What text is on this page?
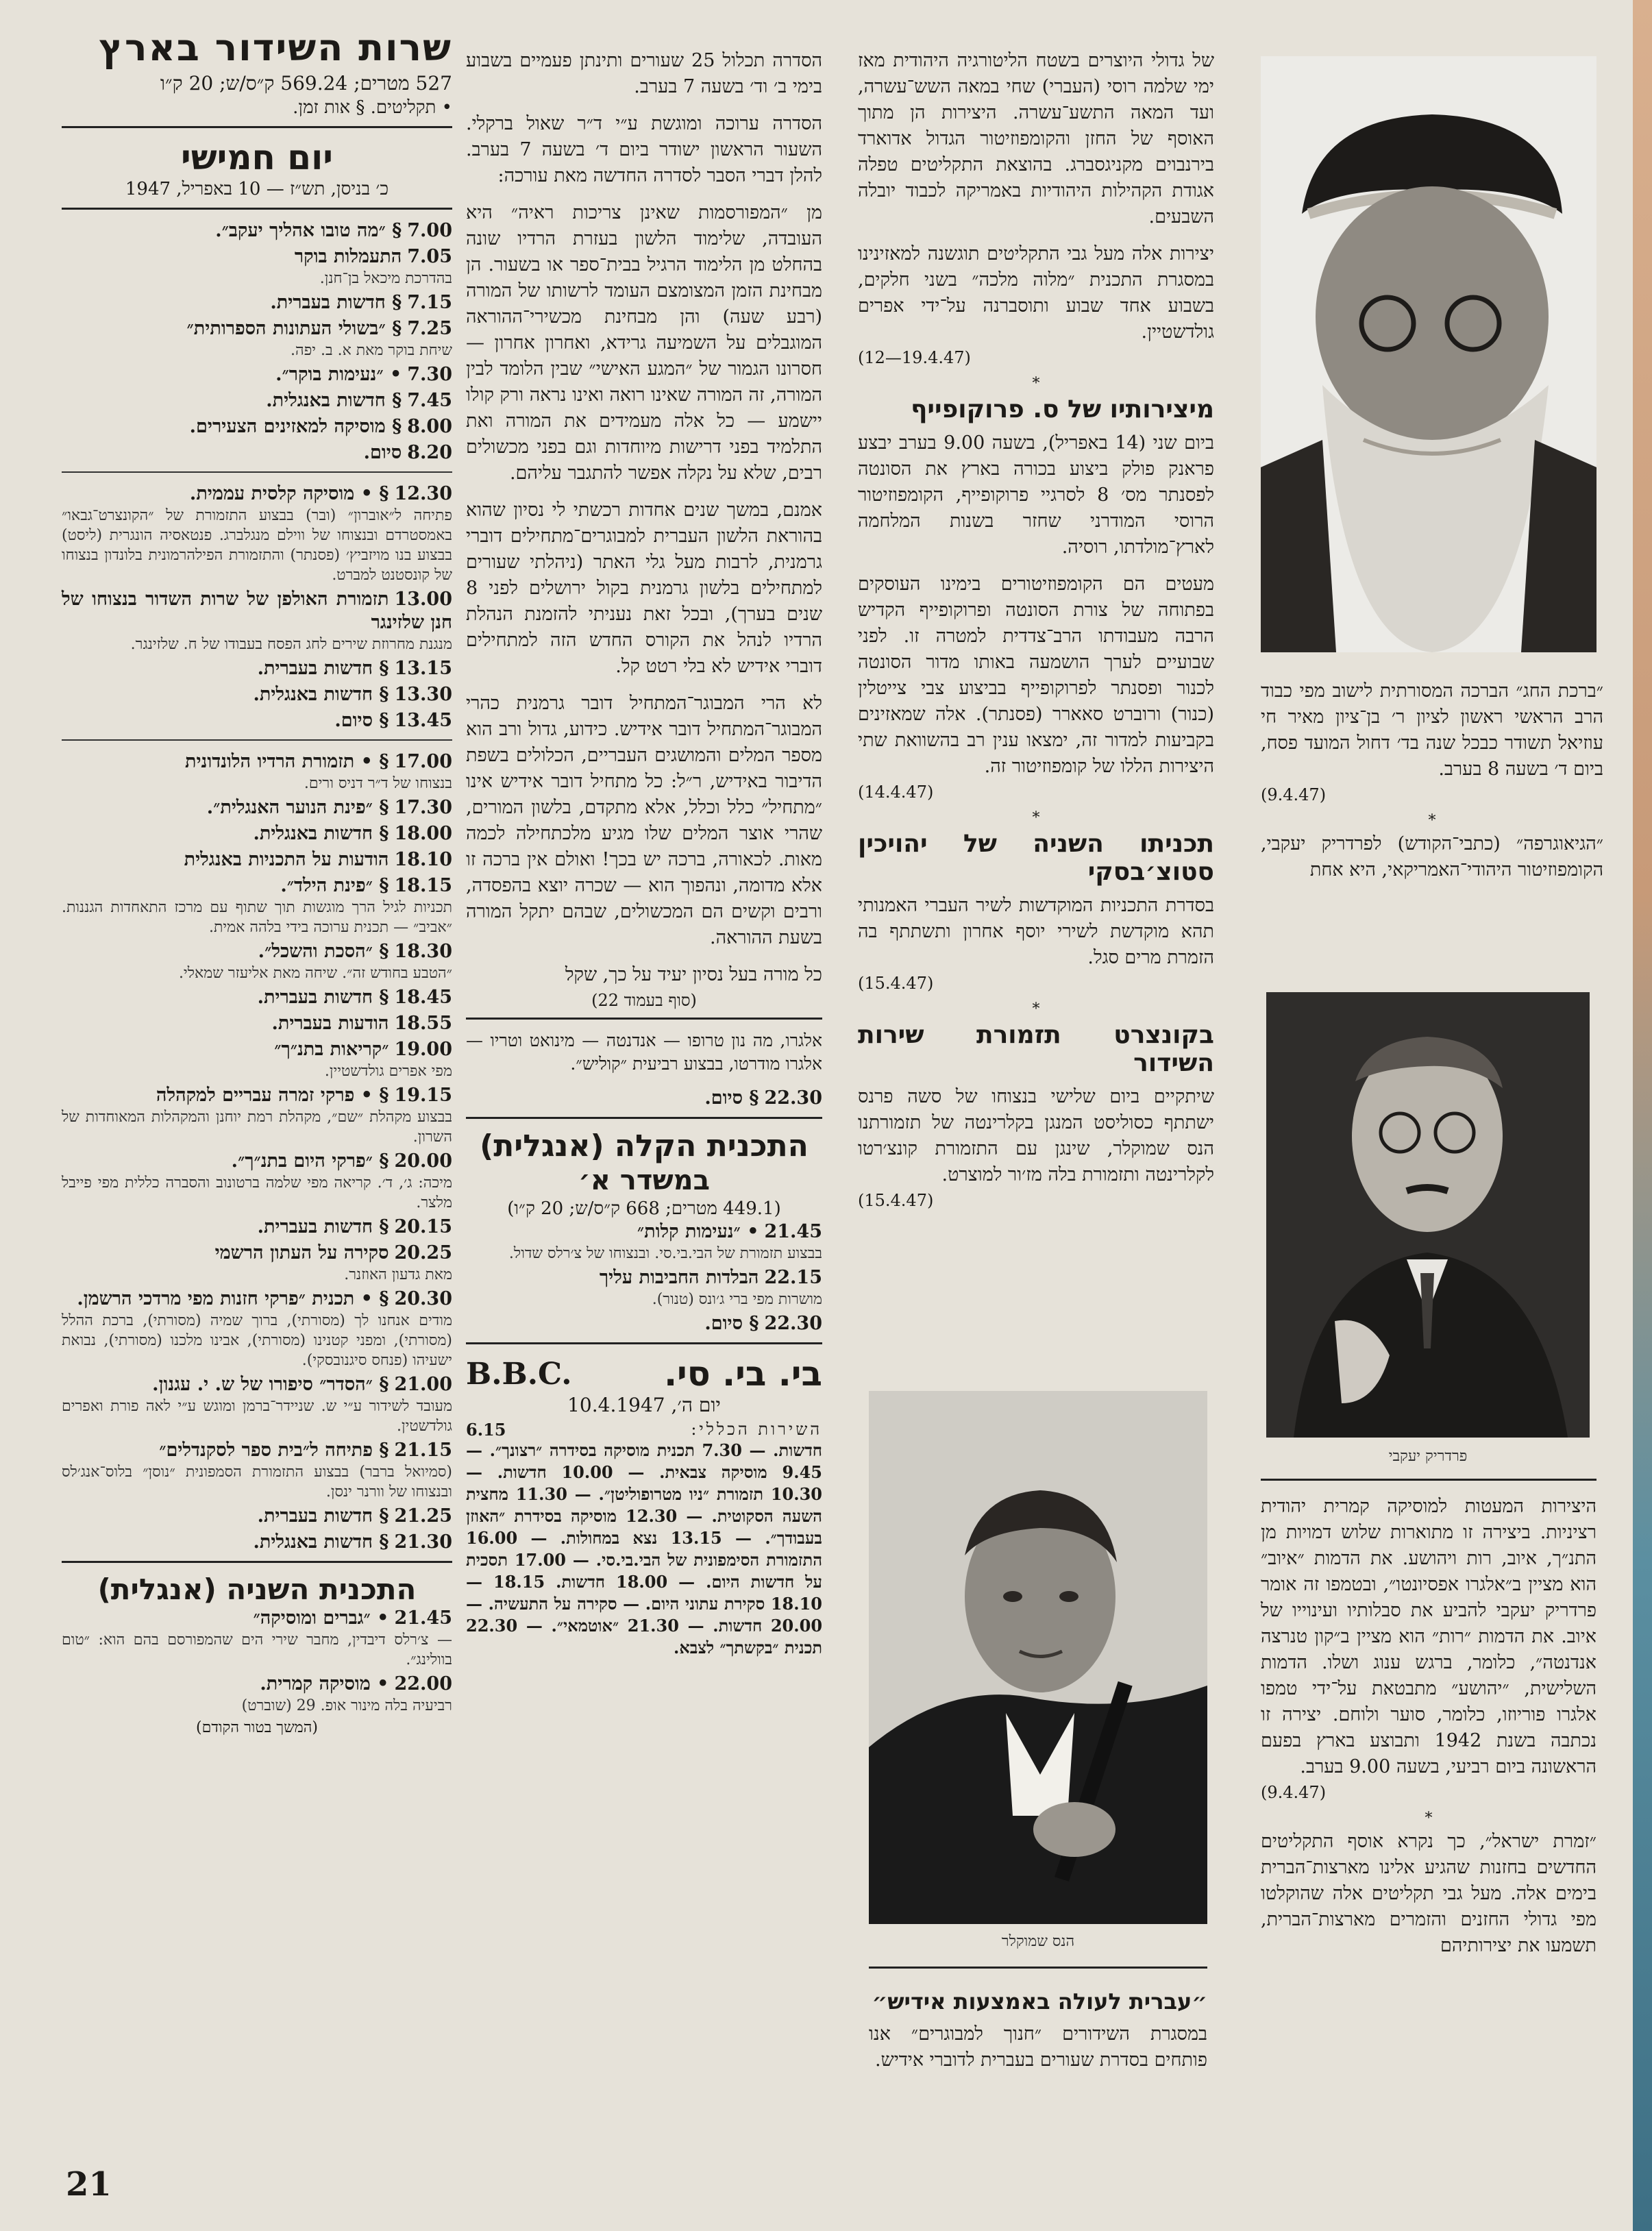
שרות השידור בארץ
527 מטרים; 569.24 ק״ס/ש; 20 ק״ו
• תקליטים. § אות זמן.
יום חמישי
כ׳ בניסן, תש״ז — 10 באפריל, 1947
7.00§ ״מה טובו אהליך יעקב״.
7.05התעמלות בוקר
בהדרכת מיכאל בן־חנן.
7.15§ חדשות בעברית.
7.25§ ״בשולי העתונות הספרותית״
שיחת בוקר מאת א. ב. יפה.
7.30• ״נעימות בוקר״.
7.45§ חדשות באנגלית.
8.00§ מוסיקה למאזינים הצעירים.
8.20סיום.
12.30§ • מוסיקה קלסית עממית.
פתיחה ל״אוברון״ (ובר) בבצוע התזמורת של ״הקונצרט־גבאו״ באמסטרדם ובנצוחו של ווילם מנגלברג. פנטאסיה הונגרית (ליסט) בבצוע בנו מויזביץ׳ (פסנתר) והתזמורת הפילהרמונית בלונדון בנצוחו של קונסטנט למברט.
13.00תזמורת האולפן של שרות השדור בנצוחו של חנן שלזינגר
מנגנת מחרוזת שירים לחג הפסח בעבודו של ח. שלזינגר.
13.15§ חדשות בעברית.
13.30§ חדשות באנגלית.
13.45§ סיום.
17.00§ • תזמורת הרדיו הלונדונית
בנצוחו של ד״ר דניס ורים.
17.30§ ״פינת הנוער האנגלית״.
18.00§ חדשות באנגלית.
18.10הודעות על התכניות באנגלית
18.15§ ״פינת הילד״.
תכניות לגיל הרך מוגשות תוך שתוף עם מרכז התאחדות הגננות. ״אביב״ — תכנית ערוכה בידי בלהה אמית.
18.30§ ״הסכת והשכל״.
״הטבע בחודש זה״. שיחה מאת אליעזר שמאלי.
18.45§ חדשות בעברית.
18.55הודעות בעברית.
19.00״קריאות בתנ״ך״
מפי אפרים גולדשטיין.
19.15§ • פרקי זמרה עבריים למקהלה
בבצוע מקהלת ״שם״, מקהלת רמת יוחנן והמקהלות המאוחדות של השרון.
20.00§ ״פרקי היום בתנ״ך״.
מיכה: ג׳, ד׳. קריאה מפי שלמה ברטונוב והסברה כללית מפי פייבל מלצר.
20.15§ חדשות בעברית.
20.25סקירה על העתון הרשמי
מאת גדעון האוזנר.
20.30§ • תכנית ״פרקי חזנות מפי מרדכי הרשמן.
מודים אנחנו לך (מסורתי), ברוך שמיה (מסורתי), ברכת ההלל (מסורתי), ומפני קטנינו (מסורתי), אבינו מלכנו (מסורתי), נבואת ישעיהו (פנחס סיגנובסקי).
21.00§ ״הסדר״ סיפורו של ש. י. עגנון.
מעובד לשידור ע״י ש. שניידר־ברמן ומוגש ע״י לאה פורת ואפרים גולדשטין.
21.15§ פתיחה ל״בית ספר לסקנדלים״
(סמיואל ברבר) בבצוע התזמורת הסמפונית ״נוסן״ בלוס־אנג׳לס ובנצוחו של וורנר ינסן.
21.25§ חדשות בעברית.
21.30§ חדשות באנגלית.
התכנית השניה (אנגלית)
21.45• ״גברים ומוסיקה״
— צ׳רלס דיבדין, מחבר שירי הים שהמפורסם בהם הוא: ״טום בוולינג״.
22.00• מוסיקה קמרית.
רביעיה בלה מינור אופ. 29 (שוברט)
(המשך בטור הקודם)

הסדרה תכלול 25 שעורים ותינתן פעמיים בשבוע בימי ב׳ וד׳ בשעה 7 בערב.

הסדרה ערוכה ומוגשת ע״י ד״ר שאול ברקלי. השעור הראשון ישודר ביום ד׳ בשעה 7 בערב. להלן דברי הסבר לסדרה החדשה מאת עורכה:

מן ״המפורסמות שאינן צריכות ראיה״ היא העובדה, שלימוד הלשון בעזרת הרדיו שונה בהחלט מן הלימוד הרגיל בבית־ספר או בשעור. הן מבחינת הזמן המצומצם העומד לרשותו של המורה (רבע שעה) והן מבחינת מכשירי־ההוראה המוגבלים על השמיעה גרידא, ואחרון אחרון — חסרונו הגמור של ״המגע האישי״ שבין הלומד לבין המורה, זה המורה שאינו רואה ואינו נראה ורק קולו יישמע — כל אלה מעמידים את המורה ואת התלמיד בפני דרישות מיוחדות וגם בפני מכשולים רבים, שלא על נקלה אפשר להתגבר עליהם.

אמנם, במשך שנים אחדות רכשתי לי נסיון שהוא בהוראת הלשון העברית למבוגרים־מתחילים דוברי גרמנית, לרבות מעל גלי האתר (ניהלתי שעורים למתחילים בלשון גרמנית בקול ירושלים לפני 8 שנים בערך), ובכל זאת נעניתי להזמנת הנהלת הרדיו לנהל את הקורס החדש הזה למתחילים דוברי אידיש לא בלי רטט קל.

לא הרי המבוגר־המתחיל דובר גרמנית כהרי המבוגר־המתחיל דובר אידיש. כידוע, גדול ורב הוא מספר המלים והמושגים העבריים, הכלולים בשפת הדיבור באידיש, ר״ל: כל מתחיל דובר אידיש אינו ״מתחיל״ כלל וכלל, אלא מתקדם, בלשון המורים, שהרי אוצר המלים שלו מגיע מלכתחילה לכמה מאות. לכאורה, ברכה יש בכך! ואולם אין ברכה זו אלא מדומה, ונהפוך הוא — שכרה יוצא בהפסדה, ורבים וקשים הם המכשולים, שבהם יתקל המורה בשעת ההוראה.

כל מורה בעל נסיון יעיד על כך, שקל

(סוף בעמוד 22)

אלגרו, מה נון טרופו — אנדנטה — מינואט וטריו — אלגרו מודרטו, בבצוע רביעית ״קוליש״.

22.30§ סיום.
התכנית הקלה (אנגלית)
במשדר א׳
(449.1 מטרים; 668 ק״ס/ש; 20 ק״ו)
21.45• ״נעימות קלות״
בבצוע תזמורת של הבי.בי.סי. ובנצוחו של צ׳רלס שדול.
22.15הבלדות החביבות עליך
מושרות מפי ברי ג׳ונס (טנור).
22.30§ סיום.
בי. בי. סי.
B.B.C.
יום ה׳, 10.4.1947
השירות הכללי:
6.15

חדשות. — 7.30 תכנית מוסיקה בסידרה ״רצונך״. — 9.45 מוסיקה צבאית. — 10.00 חדשות. — 10.30 תזמורת ״ניו מטרופוליטן״. — 11.30 מחצית השעה הסקוטית. — 12.30 מוסיקה בסידרת ״האוזן בעבודך״. — 13.15 נצא במחולות. — 16.00 התזמורת הסימפונית של הבי.בי.סי. — 17.00 תסכית על חדשות היום. — 18.00 חדשות. 18.15 — 18.10 סקירת עתוני היום. — סקירה על התעשיה. — 20.00 חדשות. — 21.30 ״אוטמאי״. — 22.30 תכנית ״בקשתך״ לצבא.

של גדולי היוצרים בשטח הליטורגיה היהודית מאז ימי שלמה רוסי (העברי) שחי במאה השש־עשרה, ועד המאה התשע־עשרה. היצירות הן מתוך האוסף של החזן והקומפוזיטור הגדול אדוארד בירנבוים מקניגסברג. בהוצאת התקליטים טפלה אגודת הקהילות היהודיות באמריקה לכבוד יובלה השבעים.

יצירות אלה מעל גבי התקליטים תוגשנה למאזינינו במסגרת התכנית ״מלוה מלכה״ בשני חלקים, בשבוע אחד שבוע ותוסברנה על־ידי אפרים גולדשטיין.

(12—19.4.47)
⁎
מיצירותיו של ס. פרוקופייף

ביום שני (14 באפריל), בשעה 9.00 בערב יבצע פראנק פולק ביצוע בכורה בארץ את הסונטה לפסנתר מס׳ 8 לסרגיי פרוקופייף, הקומפוזיטור הרוסי המודרני שחזר בשנות המלחמה לארץ־מולדתו, רוסיה.

מעטים הם הקומפוזיטורים בימינו העוסקים בפתוחה של צורת הסונטה ופרוקופייף הקדיש הרבה מעבודתו הרב־צדדית למטרה זו. לפני שבועיים לערך הושמעה באותו מדור הסונטה לכנור ופסנתר לפרוקופייף בביצוע צבי צייטלין (כנור) ורוברט סאארר (פסנתר). אלה שמאזינים בקביעות למדור זה, ימצאו ענין רב בהשוואת שתי היצירות הללו של קומפוזיטור זה.

(14.4.47)
⁎
תכניתו השניה של יהויכין סטוצ׳בסקי

בסדרת התכניות המוקדשות לשיר העברי האמנותי תהא מוקדשת לשירי יוסף אחרון ותשתתף בה הזמרת מרים סגל.

(15.4.47)
⁎
בקונצרט תזמורת שירות השידור

שיתקיים ביום שלישי בנצוחו של סשה פרנס ישתתף כסוליסט המנגן בקלרינטה של תזמורתנו הנס שמוקלר, שינגן עם התזמורת קונצ׳רטו לקלרינטה ותזמורת בלה מז׳ור למוצרט.

(15.4.47)
הנס שמוקלר
״עברית לעולה באמצעות אידיש״

במסגרת השידורים ״חנוך למבוגרים״ אנו פותחים בסדרת שעורים בעברית לדוברי אידיש.

״ברכת החג״ הברכה המסורתית לישוב מפי כבוד הרב הראשי ראשון לציון ר׳ בן־ציון מאיר חי עוזיאל תשודר כבכל שנה בד׳ דחול המועד פסח, ביום ד׳ בשעה 8 בערב.

(9.4.47)
⁎

״הגיאוגרפה״ (כתבי־הקודש) לפרדריק יעקבי, הקומפוזיטור היהודי־האמריקאי, היא אחת

פרדריק יעקבי

היצירות המעטות למוסיקה קמרית יהודית רציניות. ביצירה זו מתוארות שלוש דמויות מן התנ״ך, איוב, רות ויהושע. את הדמות ״איוב״ הוא מציין ב״אלגרו אפסיונטו״, ובטמפו זה אומר פרדריק יעקבי להביע את סבלותיו ועינוייו של איוב. את הדמות ״רות״ הוא מציין ב״קון טנרצה אנדנטה״, כלומר, ברגש ענוג ושלו. הדמות השלישית, ״יהושע״ מתבטאת על־ידי טמפו אלגרו פוריוזו, כלומר, סוער ולוחם. יצירה זו נכתבה בשנת 1942 ותבוצע בארץ בפעם הראשונה ביום רביעי, בשעה 9.00 בערב.

(9.4.47)
⁎

״זמרת ישראל״, כך נקרא אוסף התקליטים החדשים בחזנות שהגיע אלינו מארצות־הברית בימים אלה. מעל גבי תקליטים אלה שהוקלטו מפי גדולי החזנים והזמרים מארצות־הברית, תשמעו את יצירותיהם

21
